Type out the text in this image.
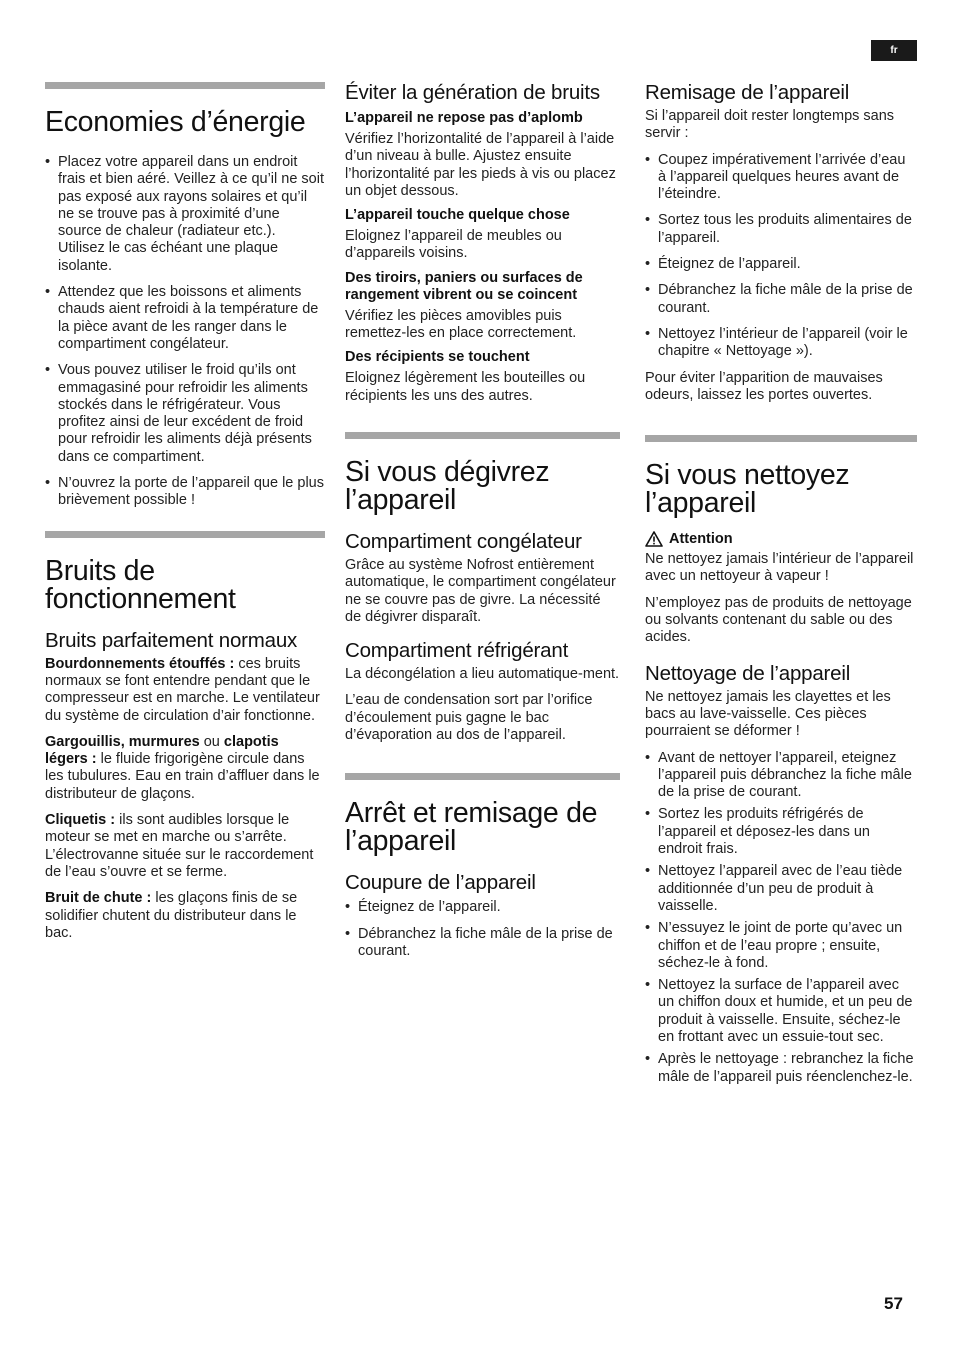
fr
Economies d’énergie
• Placez votre appareil dans un endroit frais et bien aéré. Veillez à ce qu’il ne soit pas exposé aux rayons solaires et qu’il ne se trouve pas à proximité d’une source de chaleur (radiateur etc.). Utilisez le cas échéant une plaque isolante.
• Attendez que les boissons et aliments chauds aient refroidi à la température de la pièce avant de les ranger dans le compartiment congélateur.
• Vous pouvez utiliser le froid qu’ils ont emmagasiné pour refroidir les aliments stockés dans le réfrigérateur. Vous profitez ainsi de leur excédent de froid pour refroidir les aliments déjà présents dans ce compartiment.
• N’ouvrez la porte de l’appareil que le plus brièvement possible !
Bruits de fonctionnement
Bruits parfaitement normaux

Bourdonnements étouffés : ces bruits normaux se font entendre pendant que le compresseur est en marche. Le ventilateur du système de circulation d’air fonctionne.

Gargouillis, murmures ou clapotis légers : le fluide frigorigène circule dans les tubulures. Eau en train d’affluer dans le distributeur de glaçons.

Cliquetis : ils sont audibles lorsque le moteur se met en marche ou s’arrête. L’électrovanne située sur le raccordement de l’eau s’ouvre et se ferme.

Bruit de chute : les glaçons finis de se solidifier chutent du distributeur dans le bac.

Éviter la génération de bruits
L’appareil ne repose pas d’aplomb

Vérifiez l’horizontalité de l’appareil à l’aide d’un niveau à bulle. Ajustez ensuite l’horizontalité par les pieds à vis ou placez un objet dessous.

L’appareil touche quelque chose

Eloignez l’appareil de meubles ou d’appareils voisins.

Des tiroirs, paniers ou surfaces de rangement vibrent ou se coincent

Vérifiez les pièces amovibles puis remettez-les en place correctement.

Des récipients se touchent

Eloignez légèrement les bouteilles ou récipients les uns des autres.

Si vous dégivrez l’appareil
Compartiment congélateur

Grâce au système Nofrost entièrement automatique, le compartiment congélateur ne se couvre pas de givre. La nécessité de dégivrer disparaît.

Compartiment réfrigérant

La décongélation a lieu automatique-ment.

L’eau de condensation sort par l’orifice d’écoulement puis gagne le bac d’évaporation au dos de l’appareil.

Arrêt et remisage de l’appareil
Coupure de l’appareil
• Éteignez de l’appareil.
• Débranchez la fiche mâle de la prise de courant.
Remisage de l’appareil

Si l’appareil doit rester longtemps sans servir :

• Coupez impérativement l’arrivée d’eau à l’appareil quelques heures avant de l’éteindre.
• Sortez tous les produits alimentaires de l’appareil.
• Éteignez de l’appareil.
• Débranchez la fiche mâle de la prise de courant.
• Nettoyez l’intérieur de l’appareil (voir le chapitre « Nettoyage »).

Pour éviter l’apparition de mauvaises odeurs, laissez les portes ouvertes.

Si vous nettoyez l’appareil
Attention

Ne nettoyez jamais l’intérieur de l’appareil avec un nettoyeur à vapeur !

N’employez pas de produits de nettoyage ou solvants contenant du sable ou des acides.

Nettoyage de l’appareil

Ne nettoyez jamais les clayettes et les bacs au lave-vaisselle. Ces pièces pourraient se déformer !

• Avant de nettoyer l’appareil, eteignez l’appareil puis débranchez la fiche mâle de la prise de courant.
• Sortez les produits réfrigérés de l’appareil et déposez-les dans un endroit frais.
• Nettoyez l’appareil avec de l’eau tiède additionnée d’un peu de produit à vaisselle.
• N’essuyez le joint de porte qu’avec un chiffon et de l’eau propre ; ensuite, séchez-le à fond.
• Nettoyez la surface de l’appareil avec un chiffon doux et humide, et un peu de produit à vaisselle. Ensuite, séchez-le en frottant avec un essuie-tout sec.
• Après le nettoyage : rebranchez la fiche mâle de l’appareil puis réenclenchez-le.
57
